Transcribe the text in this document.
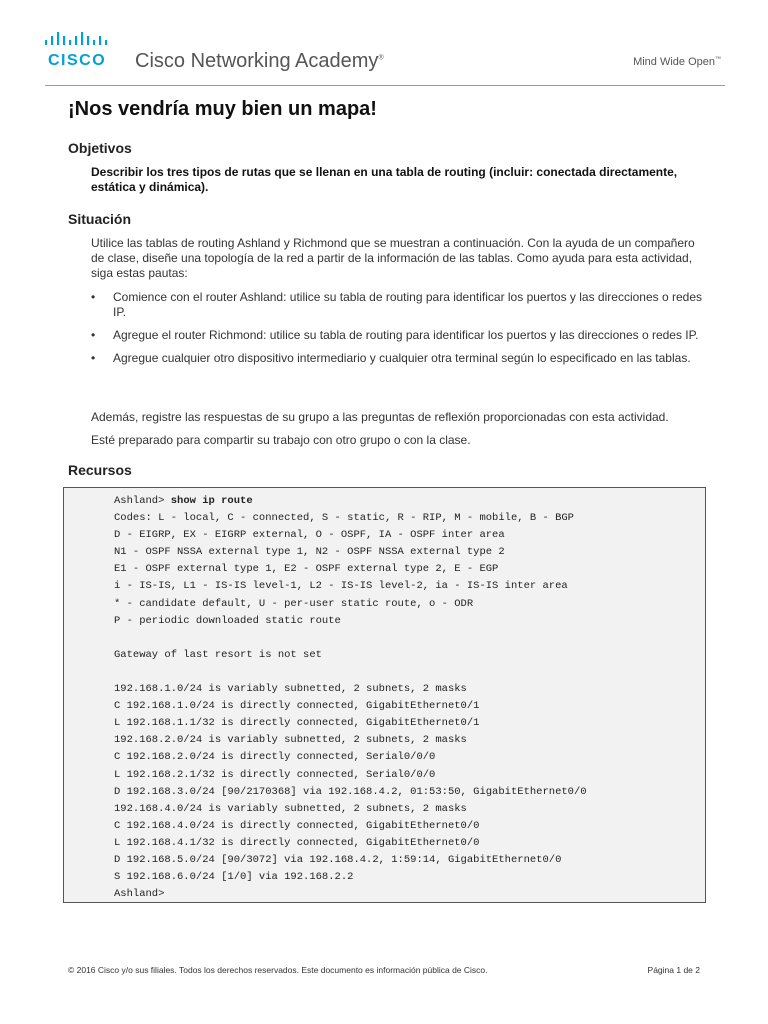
CISCO Cisco Networking Academy®	Mind Wide Open™
¡Nos vendría muy bien un mapa!
Objetivos
Describir los tres tipos de rutas que se llenan en una tabla de routing (incluir: conectada directamente, estática y dinámica).
Situación
Utilice las tablas de routing Ashland y Richmond que se muestran a continuación. Con la ayuda de un compañero de clase, diseñe una topología de la red a partir de la información de las tablas. Como ayuda para esta actividad, siga estas pautas:
• Comience con el router Ashland: utilice su tabla de routing para identificar los puertos y las direcciones o redes IP.
• Agregue el router Richmond: utilice su tabla de routing para identificar los puertos y las direcciones o redes IP.
• Agregue cualquier otro dispositivo intermediario y cualquier otra terminal según lo especificado en las tablas.
Además, registre las respuestas de su grupo a las preguntas de reflexión proporcionadas con esta actividad.
Esté preparado para compartir su trabajo con otro grupo o con la clase.
Recursos
Ashland> show ip route
Codes: L - local, C - connected, S - static, R - RIP, M - mobile, B - BGP
D - EIGRP, EX - EIGRP external, O - OSPF, IA - OSPF inter area
N1 - OSPF NSSA external type 1, N2 - OSPF NSSA external type 2
E1 - OSPF external type 1, E2 - OSPF external type 2, E - EGP
i - IS-IS, L1 - IS-IS level-1, L2 - IS-IS level-2, ia - IS-IS inter area
* - candidate default, U - per-user static route, o - ODR
P - periodic downloaded static route
Gateway of last resort is not set
192.168.1.0/24 is variably subnetted, 2 subnets, 2 masks
C 192.168.1.0/24 is directly connected, GigabitEthernet0/1
L 192.168.1.1/32 is directly connected, GigabitEthernet0/1
192.168.2.0/24 is variably subnetted, 2 subnets, 2 masks
C 192.168.2.0/24 is directly connected, Serial0/0/0
L 192.168.2.1/32 is directly connected, Serial0/0/0
D 192.168.3.0/24 [90/2170368] via 192.168.4.2, 01:53:50, GigabitEthernet0/0
192.168.4.0/24 is variably subnetted, 2 subnets, 2 masks
C 192.168.4.0/24 is directly connected, GigabitEthernet0/0
L 192.168.4.1/32 is directly connected, GigabitEthernet0/0
D 192.168.5.0/24 [90/3072] via 192.168.4.2, 1:59:14, GigabitEthernet0/0
S 192.168.6.0/24 [1/0] via 192.168.2.2
Ashland>
© 2016 Cisco y/o sus filiales. Todos los derechos reservados. Este documento es información pública de Cisco.	Página 1 de 2
